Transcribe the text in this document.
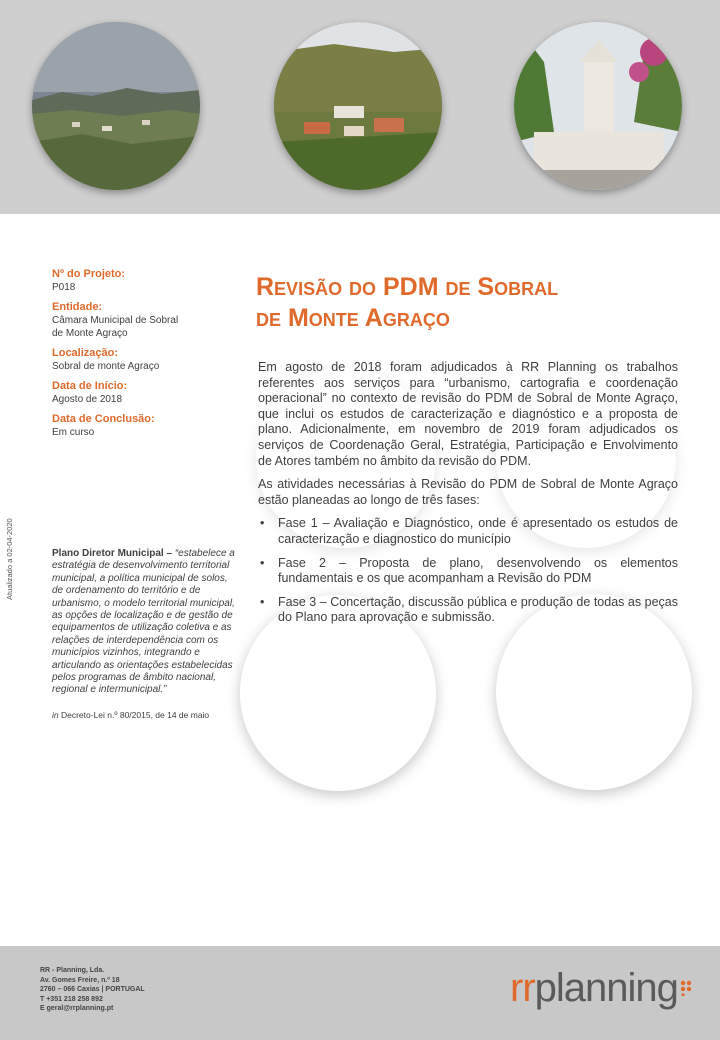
Nº do Projeto:
P018
Entidade:
Câmara Municipal de Sobral de Monte Agraço
Localização:
Sobral de monte Agraço
Data de Início:
Agosto de 2018
Data de Conclusão:
Em curso
Atualizado a 02-04-2020	Plano Diretor Municipal – “estabelece a estratégia de desenvolvimento territorial municipal, a política municipal de solos, de ordenamento do território e de urbanismo, o modelo territorial municipal, as opções de localização e de gestão de equipamentos de utilização coletiva e as relações de interdependência com os municípios vizinhos, integrando e articulando as orientações estabelecidas pelos programas de âmbito nacional, regional e intermunicipal.”
in Decreto-Lei n.º 80/2015, de 14 de maio
Revisão do PDM de Sobral
de Monte Agraço

Em agosto de 2018 foram adjudicados à RR Planning os trabalhos referentes aos serviços para “urbanismo, cartografia e coordenação operacional” no contexto de revisão do PDM de Sobral de Monte Agraço, que inclui os estudos de caracterização e diagnóstico e a proposta de plano. Adicionalmente, em novembro de 2019 foram adjudicados os serviços de Coordenação Geral, Estratégia, Participação e Envolvimento de Atores também no âmbito da revisão do PDM.

As atividades necessárias à Revisão do PDM de Sobral de Monte Agraço estão planeadas ao longo de três fases:

• Fase 1 – Avaliação e Diagnóstico, onde é apresentado os estudos de caracterização e diagnostico do município
• Fase 2 – Proposta de plano, desenvolvendo os elementos fundamentais e os que acompanham a Revisão do PDM
• Fase 3 – Concertação, discussão pública e produção de todas as peças do Plano para aprovação e submissão.
RR - Planning, Lda.
Av. Gomes Freire, n.º 18
2760 – 066 Caxias | PORTUGAL
T +351 218 258 892
E geral@rrplanning.pt	rrplanning
